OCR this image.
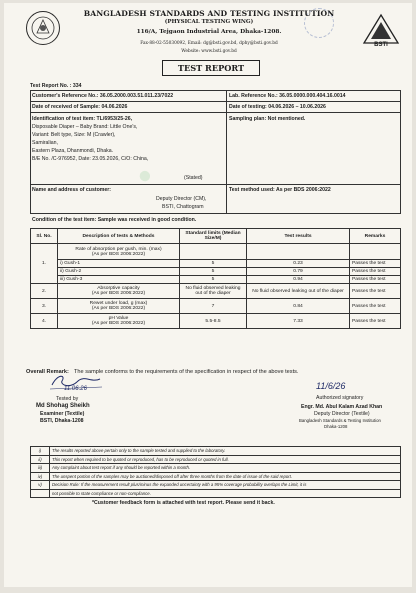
BSTI
BANGLADESH STANDARDS AND TESTING INSTITUTION
(PHYSICAL TESTING WING)
116/A, Tejgaon Industrial Area, Dhaka-1208.
Fax-88-02-55030092, Email: dg@bsti.gov.bd, dphy@bsti.gov.bd
Website: www.bsti.gov.bd
TEST REPORT
Test Report No. : 334
Customer's Reference No.: 36.05.2000.003.51.011.23/7022	Lab. Reference No.: 36.05.0000.000.404.16.0014
Date of received of Sample: 04.06.2026	Date of testing: 04.06.2026 – 10.06.2026
Identification of test item: TL/6953/25-26,
Disposable Diaper – Baby Brand: Little One's,
Variant: Belt type, Size: M (Crawler),
Samiralian,
Eastern Plaza, Dhanmondi, Dhaka.
B/E No. /C-976952, Date: 23.05.2026, C/O: China,
(Stated)
Sampling plan: Not mentioned.
Name and address of customer:
Deputy Director (CM),
BSTI, Chattogram
Test method used: As per BDS 2006:2022
Condition of the test item: Sample was received in good condition.
Sl. No.	Description of tests & Methods	Standard limits (Median Size/M)	Test results	Remarks
1.	Rate of absorption per gush, min. (max)
(As per BDS 2006:2022)			

	i) Gush-1	5	0.23	Passes the test
	ii) Gush-2	5	0.79	Passes the test
	iii) Gush-3	5	0.94	Passes the test
2.	Absorptive capacity
(As per BDS 2006:2022)	No fluid observed leaking out of the diaper	No fluid observed leaking out of the diaper	Passes the test
3.	Rewet under load, g (max)
(As per BDS 2006:2022)	7	0.84	Passes the test
4.	pH Value
(As per BDS 2006:2022)	5.5-8.5	7.33	Passes the test
Overall Remark: The sample conforms to the requirements of the specification in respect of the above tests.
11.06.26
Tested by
Md Shohag Sheikh
Examiner (Textile)
BSTI, Dhaka-1208
11/6/26
Authorized signatory
Engr. Md. Abul Kalam Azad Khan
Deputy Director (Textile)
Bangladesh Standards & Testing Institution
Dhaka-1208
i)	The results reported above pertain only to the sample tested and supplied to the laboratory.
ii)	This report when required to be quoted or reproduced, has to be reproduced or quoted in full.
iii)	Any complaint about test report if any should be reported within a month.
iv)	The unspent portion of the samples may be auctioned/disposed off after three months from the date of issue of the said report.
v)	Decision Rule: If the measurement result plus/minus the expanded uncertainty with a 95% coverage probability overlaps the Limit, it is
	not possible to state compliance or non-compliance.
*Customer feedback form is attached with test report. Please send it back.
●
